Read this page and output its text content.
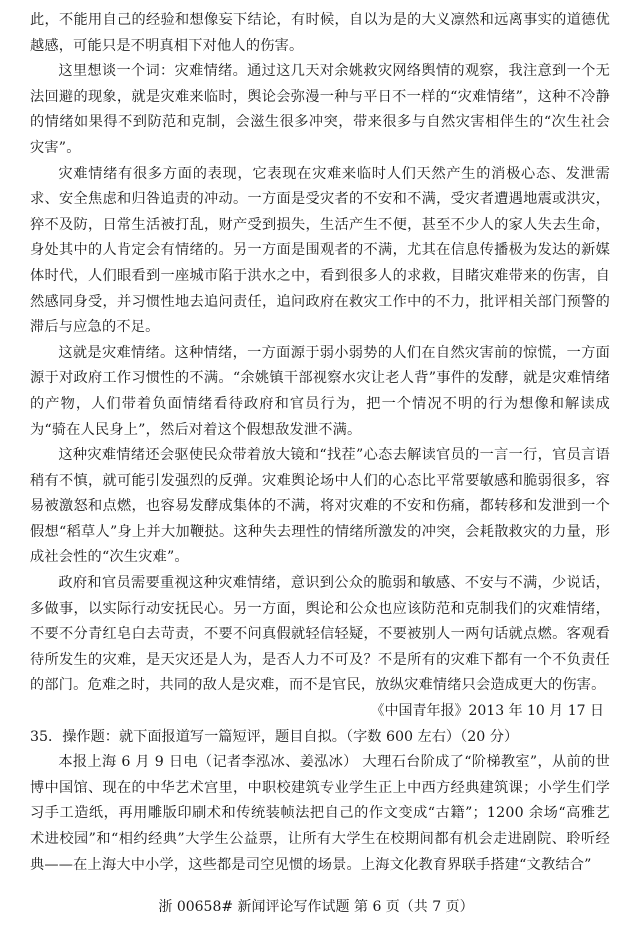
此，不能用自己的经验和想像妄下结论，有时候，自以为是的大义凛然和远离事实的道德优越感，可能只是不明真相下对他人的伤害。

这里想谈一个词：灾难情绪。通过这几天对余姚救灾网络舆情的观察，我注意到一个无法回避的现象，就是灾难来临时，舆论会弥漫一种与平日不一样的“灾难情绪”，这种不冷静的情绪如果得不到防范和克制，会滋生很多冲突，带来很多与自然灾害相伴生的“次生社会灾害”。

灾难情绪有很多方面的表现，它表现在灾难来临时人们天然产生的消极心态、发泄需求、安全焦虑和归咎追责的冲动。一方面是受灾者的不安和不满，受灾者遭遇地震或洪灾，猝不及防，日常生活被打乱，财产受到损失，生活产生不便，甚至不少人的家人失去生命，身处其中的人肯定会有情绪的。另一方面是围观者的不满，尤其在信息传播极为发达的新媒体时代，人们眼看到一座城市陷于洪水之中，看到很多人的求救，目睹灾难带来的伤害，自然感同身受，并习惯性地去追问责任，追问政府在救灾工作中的不力，批评相关部门预警的滞后与应急的不足。

这就是灾难情绪。这种情绪，一方面源于弱小弱势的人们在自然灾害前的惊慌，一方面源于对政府工作习惯性的不满。“余姚镇干部视察水灾让老人背”事件的发酵，就是灾难情绪的产物，人们带着负面情绪看待政府和官员行为，把一个情况不明的行为想像和解读成为“骑在人民身上”，然后对着这个假想敌发泄不满。

这种灾难情绪还会驱使民众带着放大镜和“找茬”心态去解读官员的一言一行，官员言语稍有不慎，就可能引发强烈的反弹。灾难舆论场中人们的心态比平常要敏感和脆弱很多，容易被激怒和点燃，也容易发酵成集体的不满，将对灾难的不安和伤痛，都转移和发泄到一个假想“稻草人”身上并大加鞭挞。这种失去理性的情绪所激发的冲突，会耗散救灾的力量，形成社会性的“次生灾难”。

政府和官员需要重视这种灾难情绪，意识到公众的脆弱和敏感、不安与不满，少说话，多做事，以实际行动安抚民心。另一方面，舆论和公众也应该防范和克制我们的灾难情绪，不要不分青红皂白去苛责，不要不问真假就轻信轻疑，不要被别人一两句话就点燃。客观看待所发生的灾难，是天灾还是人为，是否人力不可及？不是所有的灾难下都有一个不负责任的部门。危难之时，共同的敌人是灾难，而不是官民，放纵灾难情绪只会造成更大的伤害。

《中国青年报》2013 年 10 月 17 日

35．操作题：就下面报道写一篇短评，题目自拟。（字数 600 左右）（20 分）

本报上海 6 月 9 日电（记者李泓冰、姜泓冰） 大理石台阶成了“阶梯教室”，从前的世博中国馆、现在的中华艺术宫里，中职校建筑专业学生正上中西方经典建筑课；小学生们学习手工造纸，再用雕版印刷术和传统装帧法把自己的作文变成“古籍”；1200 余场“高雅艺术进校园”和“相约经典”大学生公益票，让所有大学生在校期间都有机会走进剧院、聆听经典——在上海大中小学，这些都是司空见惯的场景。上海文化教育界联手搭建“文教结合”

浙 00658# 新闻评论写作试题 第 6 页（共 7 页）
